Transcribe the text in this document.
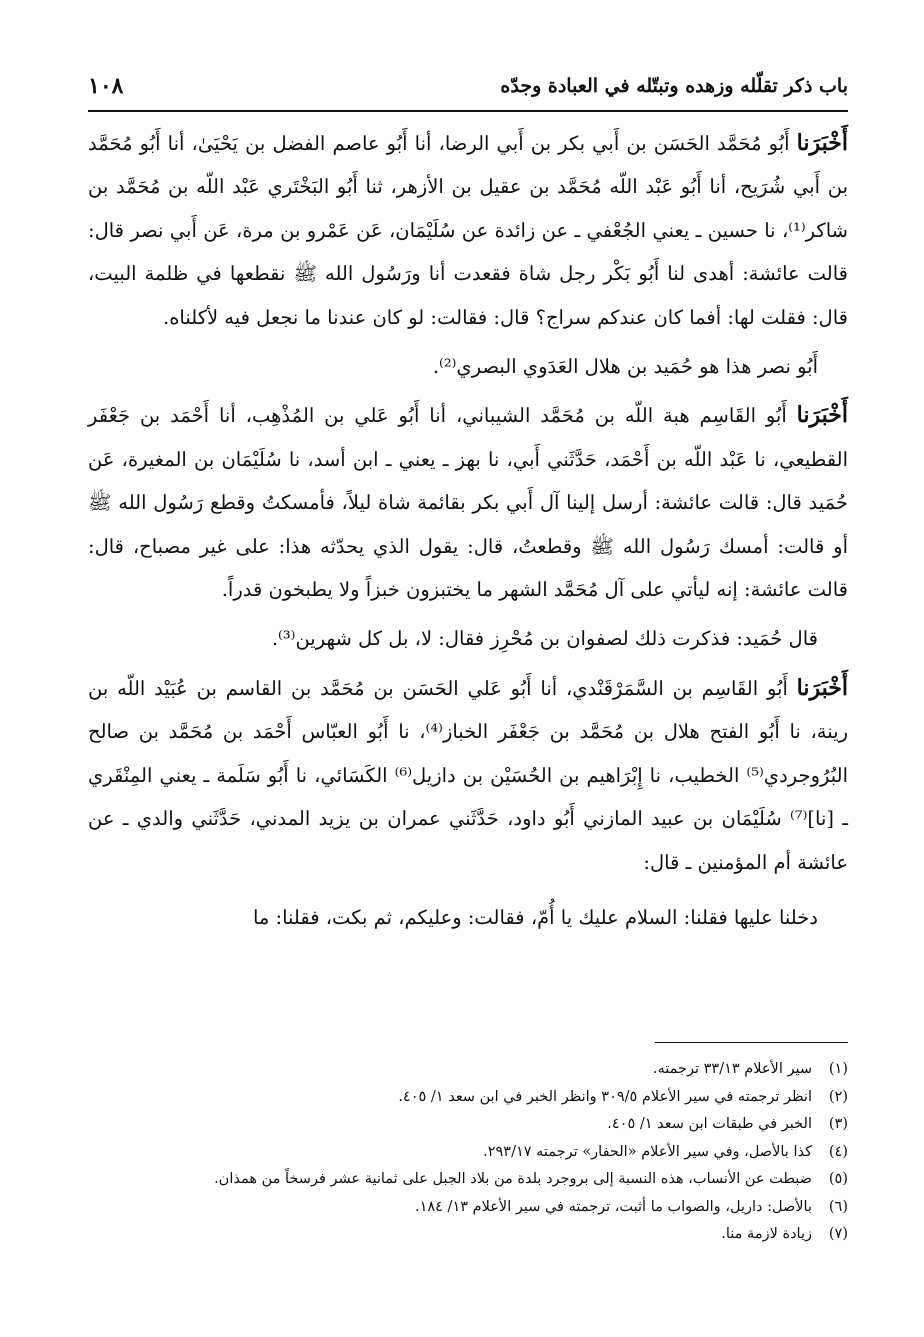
باب ذكر تقلّله وزهده وتبتّله في العبادة وجدّه
١٠٨

أَخْبَرَنا أَبُو مُحَمَّد الحَسَن بن أَبي بكر بن أَبي الرضا، أنا أَبُو عاصم الفضل بن يَحْيَىٰ، أنا أَبُو مُحَمَّد بن أَبي شُرَيح، أنا أَبُو عَبْد اللّه مُحَمَّد بن عقيل بن الأزهر، ثنا أَبُو البَخْتَري عَبْد اللّه بن مُحَمَّد بن شاكر⁽¹⁾، نا حسين ـ يعني الجُعْفي ـ عن زائدة عن سُلَيْمَان، عَن عَمْرو بن مرة، عَن أَبي نصر قال: قالت عائشة: أهدى لنا أَبُو بَكْر رجل شاة فقعدت أنا ورَسُول الله ﷺ نقطعها في ظلمة البيت، قال: فقلت لها: أفما كان عندكم سراج؟ قال: فقالت: لو كان عندنا ما نجعل فيه لأكلناه.

أَبُو نصر هذا هو حُمَيد بن هلال العَدَوي البصري⁽²⁾.

أَخْبَرَنا أَبُو القَاسِم هبة اللّه بن مُحَمَّد الشيباني، أنا أَبُو عَلي بن المُذْهِب، أنا أَحْمَد بن جَعْفَر القطيعي، نا عَبْد اللّه بن أَحْمَد، حَدَّثَني أَبي، نا بهز ـ يعني ـ ابن أسد، نا سُلَيْمَان بن المغيرة، عَن حُمَيد قال: قالت عائشة: أرسل إلينا آل أَبي بكر بقائمة شاة ليلاً، فأمسكتُ وقطع رَسُول الله ﷺ أو قالت: أمسك رَسُول الله ﷺ وقطعتُ، قال: يقول الذي يحدّثه هذا: على غير مصباح، قال: قالت عائشة: إنه ليأتي على آل مُحَمَّد الشهر ما يختبزون خبزاً ولا يطبخون قدراً.

قال حُمَيد: فذكرت ذلك لصفوان بن مُحْرِز فقال: لا، بل كل شهرين⁽³⁾.

أَخْبَرَنا أَبُو القَاسِم بن السَّمَرْقَنْدي، أنا أَبُو عَلي الحَسَن بن مُحَمَّد بن القاسم بن عُبَيْد اللّه بن رينة، نا أَبُو الفتح هلال بن مُحَمَّد بن جَعْفَر الخباز⁽⁴⁾، نا أَبُو العبّاس أَحْمَد بن مُحَمَّد بن صالح البُرُوجردي⁽⁵⁾ الخطيب، نا إِبْرَاهيم بن الحُسَيْن بن دازيل⁽⁶⁾ الكَسَائي، نا أَبُو سَلَمة ـ يعني المِنْقَري ـ [نا]⁽⁷⁾ سُلَيْمَان بن عبيد المازني أَبُو داود، حَدَّثَني عمران بن يزيد المدني، حَدَّثَني والدي ـ عن عائشة أم المؤمنين ـ قال:

دخلنا عليها فقلنا: السلام عليك يا أُمّ، فقالت: وعليكم، ثم بكت، فقلنا: ما

(١)
سير الأعلام ٣٣/١٣ ترجمته.
(٢)
انظر ترجمته في سير الأعلام ٣٠٩/٥ وانظر الخبر في ابن سعد ١/ ٤٠٥.
(٣)
الخبر في طبقات ابن سعد ١/ ٤٠٥.
(٤)
كذا بالأصل، وفي سير الأعلام «الحفار» ترجمته ٢٩٣/١٧.
(٥)
ضبطت عن الأنساب، هذه النسبة إلى بروجرد بلدة من بلاد الجبل على ثمانية عشر فرسخاً من همذان.
(٦)
بالأصل: داريل، والصواب ما أثبت، ترجمته في سير الأعلام ١٣/ ١٨٤.
(٧)
زيادة لازمة منا.
